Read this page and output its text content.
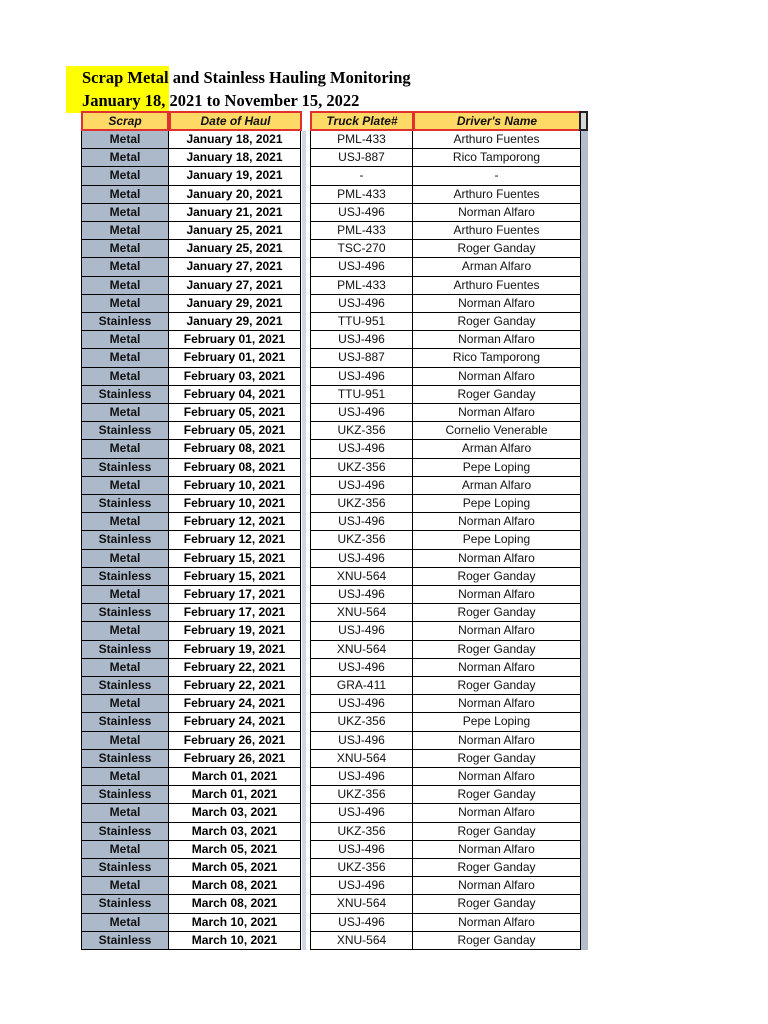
Scrap Metal and Stainless Hauling Monitoring
January 18, 2021 to November 15, 2022
Scrap	Date of Haul	Truck Plate#	Driver's Name
Metal	January 18, 2021	PML-433	Arthuro Fuentes
Metal	January 18, 2021	USJ-887	Rico Tamporong
Metal	January 19, 2021	-	-
Metal	January 20, 2021	PML-433	Arthuro Fuentes
Metal	January 21, 2021	USJ-496	Norman Alfaro
Metal	January 25, 2021	PML-433	Arthuro Fuentes
Metal	January 25, 2021	TSC-270	Roger Ganday
Metal	January 27, 2021	USJ-496	Arman Alfaro
Metal	January 27, 2021	PML-433	Arthuro Fuentes
Metal	January 29, 2021	USJ-496	Norman Alfaro
Stainless	January 29, 2021	TTU-951	Roger Ganday
Metal	February 01, 2021	USJ-496	Norman Alfaro
Metal	February 01, 2021	USJ-887	Rico Tamporong
Metal	February 03, 2021	USJ-496	Norman Alfaro
Stainless	February 04, 2021	TTU-951	Roger Ganday
Metal	February 05, 2021	USJ-496	Norman Alfaro
Stainless	February 05, 2021	UKZ-356	Cornelio Venerable
Metal	February 08, 2021	USJ-496	Arman Alfaro
Stainless	February 08, 2021	UKZ-356	Pepe Loping
Metal	February 10, 2021	USJ-496	Arman Alfaro
Stainless	February 10, 2021	UKZ-356	Pepe Loping
Metal	February 12, 2021	USJ-496	Norman Alfaro
Stainless	February 12, 2021	UKZ-356	Pepe Loping
Metal	February 15, 2021	USJ-496	Norman Alfaro
Stainless	February 15, 2021	XNU-564	Roger Ganday
Metal	February 17, 2021	USJ-496	Norman Alfaro
Stainless	February 17, 2021	XNU-564	Roger Ganday
Metal	February 19, 2021	USJ-496	Norman Alfaro
Stainless	February 19, 2021	XNU-564	Roger Ganday
Metal	February 22, 2021	USJ-496	Norman Alfaro
Stainless	February 22, 2021	GRA-411	Roger Ganday
Metal	February 24, 2021	USJ-496	Norman Alfaro
Stainless	February 24, 2021	UKZ-356	Pepe Loping
Metal	February 26, 2021	USJ-496	Norman Alfaro
Stainless	February 26, 2021	XNU-564	Roger Ganday
Metal	March 01, 2021	USJ-496	Norman Alfaro
Stainless	March 01, 2021	UKZ-356	Roger Ganday
Metal	March 03, 2021	USJ-496	Norman Alfaro
Stainless	March 03, 2021	UKZ-356	Roger Ganday
Metal	March 05, 2021	USJ-496	Norman Alfaro
Stainless	March 05, 2021	UKZ-356	Roger Ganday
Metal	March 08, 2021	USJ-496	Norman Alfaro
Stainless	March 08, 2021	XNU-564	Roger Ganday
Metal	March 10, 2021	USJ-496	Norman Alfaro
Stainless	March 10, 2021	XNU-564	Roger Ganday
